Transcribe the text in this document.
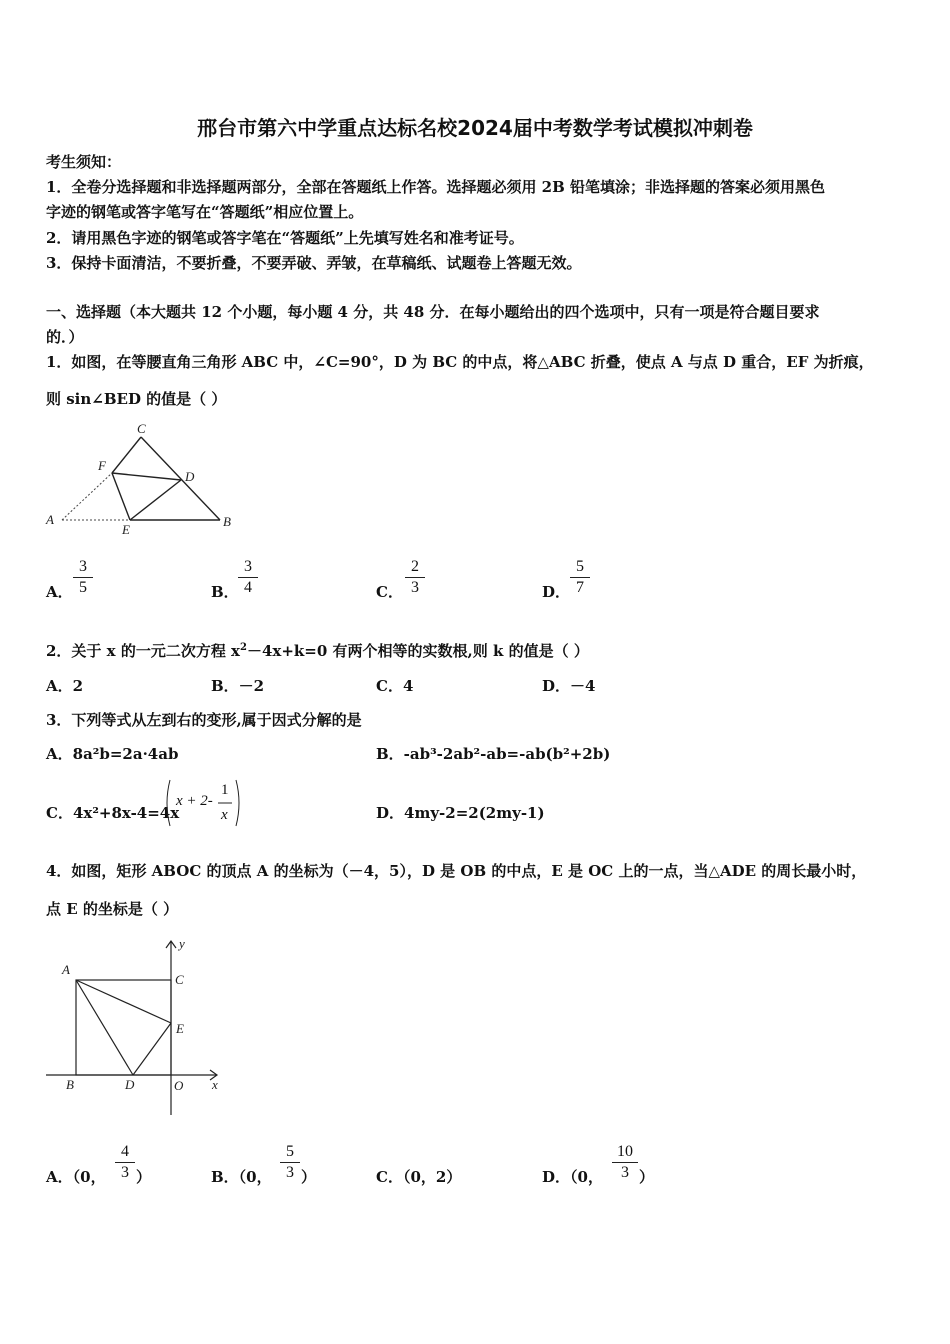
邢台市第六中学重点达标名校2024届中考数学考试模拟冲刺卷
考生须知：
1．全卷分选择题和非选择题两部分，全部在答题纸上作答。选择题必须用 2B 铅笔填涂；非选择题的答案必须用黑色
字迹的钢笔或答字笔写在“答题纸”相应位置上。
2．请用黑色字迹的钢笔或答字笔在“答题纸”上先填写姓名和准考证号。
3．保持卡面清洁，不要折叠，不要弄破、弄皱，在草稿纸、试题卷上答题无效。
一、选择题（本大题共 12 个小题，每小题 4 分，共 48 分．在每小题给出的四个选项中，只有一项是符合题目要求
的．）
1．如图，在等腰直角三角形 ABC 中，∠C=90°，D 为 BC 的中点，将△ABC 折叠，使点 A 与点 D 重合，EF 为折痕，
则 sin∠BED 的值是（ ）
C
F
D
A
E
B
A．
3
5	B．
3
4	C．
2
3	D．
5
7
2．关于 x 的一元二次方程 $x^2-4x+k=0$ 有两个相等的实数根,则 k 的值是（ ）
A．2	B．－2	C．4	D．－4
3．下列等式从左到右的变形,属于因式分解的是
A．8a²b=2a·4ab	B．-ab³-2ab²-ab=-ab(b²+2b)
C．4x²+8x-4=4x
x + 2-
1
x	D．4my-2=2(2my-1)
4．如图，矩形 ABOC 的顶点 A 的坐标为（－4，5），D 是 OB 的中点，E 是 OC 上的一点，当△ADE 的周长最小时，
点 E 的坐标是（ ）
A
C
E
B	D	O x
y
A．（0，
4
3 ）	B．（0，
5
3 ）	C．（0，2）	D．（0，
10
3 ）
